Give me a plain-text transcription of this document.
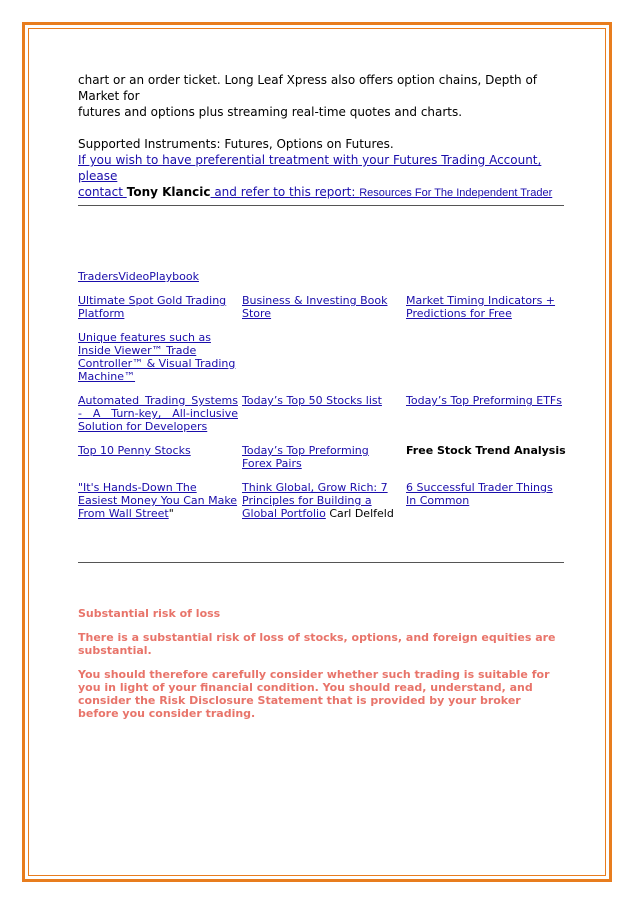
chart or an order ticket. Long Leaf Xpress also offers option chains, Depth of Market for

futures and options plus streaming real-time quotes and charts.

Supported Instruments: Futures, Options on Futures.

If you wish to have preferential treatment with your Futures Trading Account, please

contact Tony Klancic and refer to this report: Resources For The Independent Trader

TradersVideoPlaybook

Ultimate Spot Gold Trading Platform
Business & Investing Book Store
Market Timing Indicators + Predictions for Free
Unique features such as Inside Viewer™ Trade Controller™ & Visual Trading Machine™
Automated Trading Systems - A Turn-key, All-inclusive Solution for Developers
Today’s Top 50 Stocks list	Today’s Top Preforming ETFs
Top 10 Penny Stocks	Today’s Top Preforming Forex Pairs
Free Stock Trend Analysis
"It's Hands-Down The Easiest Money You Can Make From Wall Street"
Think Global, Grow Rich: 7 Principles for Building a Global Portfolio Carl Delfeld
6 Successful Trader Things In Common

Substantial risk of loss

There is a substantial risk of loss of stocks, options, and foreign equities are substantial.

You should therefore carefully consider whether such trading is suitable for you in light of your financial condition. You should read, understand, and consider the Risk Disclosure Statement that is provided by your broker before you consider trading.
